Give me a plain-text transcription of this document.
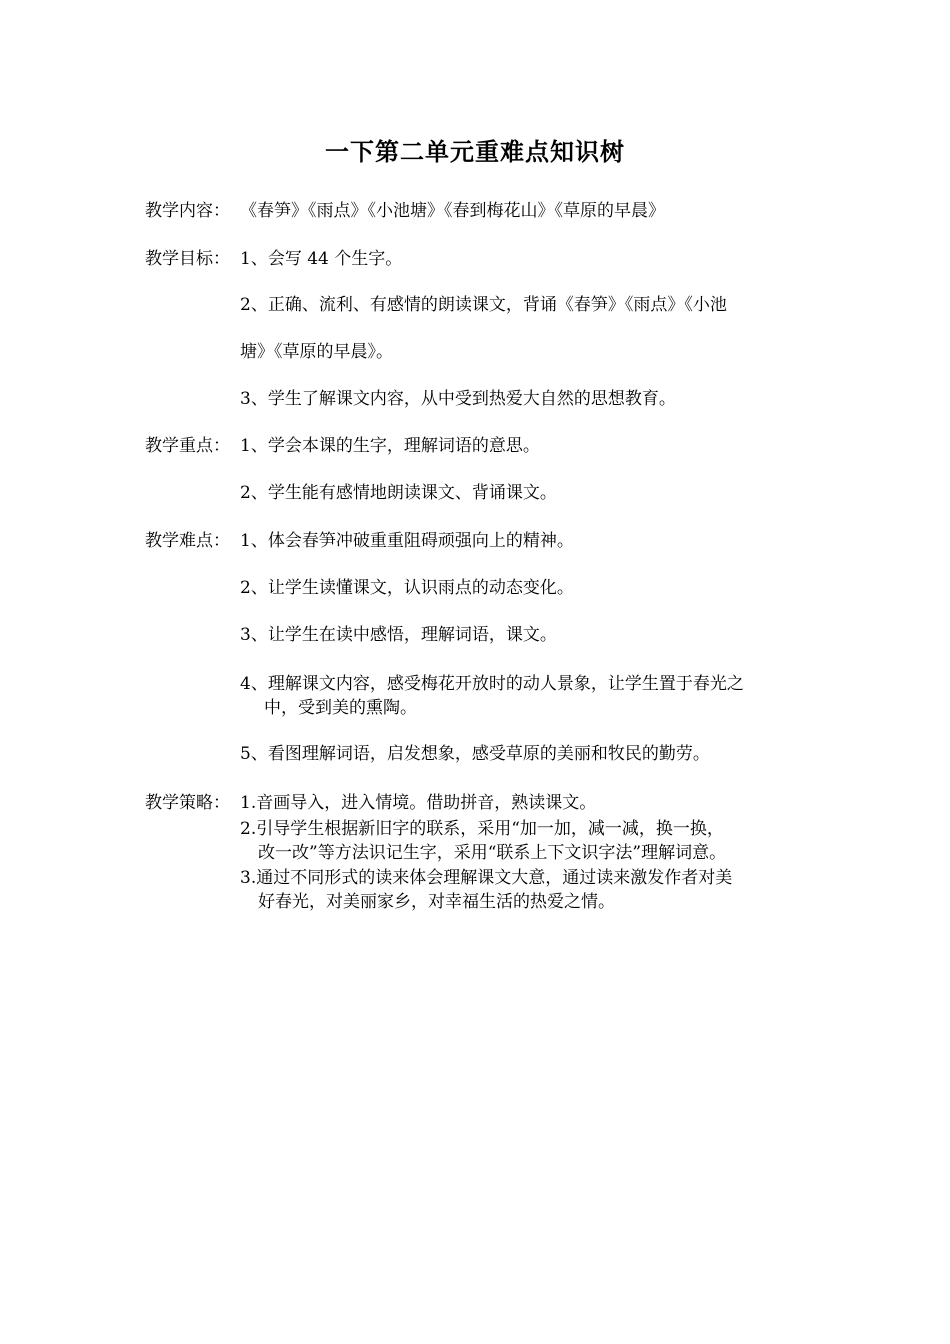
一下第二单元重难点知识树
教学内容： 《春笋》《雨点》《小池塘》《春到梅花山》《草原的早晨》
教学目标： 1、会写 44 个生字。
2、正确、流利、有感情的朗读课文，背诵《春笋》《雨点》《小池
塘》《草原的早晨》。
3、学生了解课文内容，从中受到热爱大自然的思想教育。
教学重点： 1、学会本课的生字，理解词语的意思。
2、学生能有感情地朗读课文、背诵课文。
教学难点： 1、体会春笋冲破重重阻碍顽强向上的精神。
2、让学生读懂课文，认识雨点的动态变化。
3、让学生在读中感悟，理解词语，课文。
4、理解课文内容，感受梅花开放时的动人景象，让学生置于春光之
中，受到美的熏陶。
5、看图理解词语，启发想象，感受草原的美丽和牧民的勤劳。
教学策略： 1.音画导入，进入情境。借助拼音，熟读课文。
2.引导学生根据新旧字的联系，采用“加一加，减一减，换一换，
改一改”等方法识记生字，采用“联系上下文识字法”理解词意。
3.通过不同形式的读来体会理解课文大意，通过读来激发作者对美
好春光，对美丽家乡，对幸福生活的热爱之情。
